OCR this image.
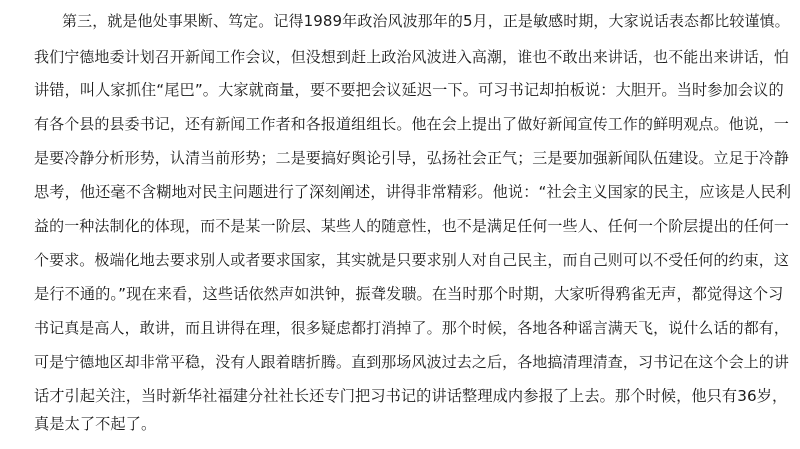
第三，就是他处事果断、笃定。记得1989年政治风波那年的5月，正是敏感时期，大家说话表态都比较谨慎。
我们宁德地委计划召开新闻工作会议，但没想到赶上政治风波进入高潮，谁也不敢出来讲话，也不能出来讲话，怕
讲错，叫人家抓住“尾巴”。大家就商量，要不要把会议延迟一下。可习书记却拍板说：大胆开。当时参加会议的
有各个县的县委书记，还有新闻工作者和各报道组组长。他在会上提出了做好新闻宣传工作的鲜明观点。他说，一
是要冷静分析形势，认清当前形势；二是要搞好舆论引导，弘扬社会正气；三是要加强新闻队伍建设。立足于冷静
思考，他还毫不含糊地对民主问题进行了深刻阐述，讲得非常精彩。他说：“社会主义国家的民主，应该是人民利
益的一种法制化的体现，而不是某一阶层、某些人的随意性，也不是满足任何一些人、任何一个阶层提出的任何一
个要求。极端化地去要求别人或者要求国家，其实就是只要求别人对自己民主，而自己则可以不受任何的约束，这
是行不通的。”现在来看，这些话依然声如洪钟，振聋发聩。在当时那个时期，大家听得鸦雀无声，都觉得这个习
书记真是高人，敢讲，而且讲得在理，很多疑虑都打消掉了。那个时候，各地各种谣言满天飞，说什么话的都有，
可是宁德地区却非常平稳，没有人跟着瞎折腾。直到那场风波过去之后，各地搞清理清查，习书记在这个会上的讲
话才引起关注，当时新华社福建分社社长还专门把习书记的讲话整理成内参报了上去。那个时候，他只有36岁，
真是太了不起了。
